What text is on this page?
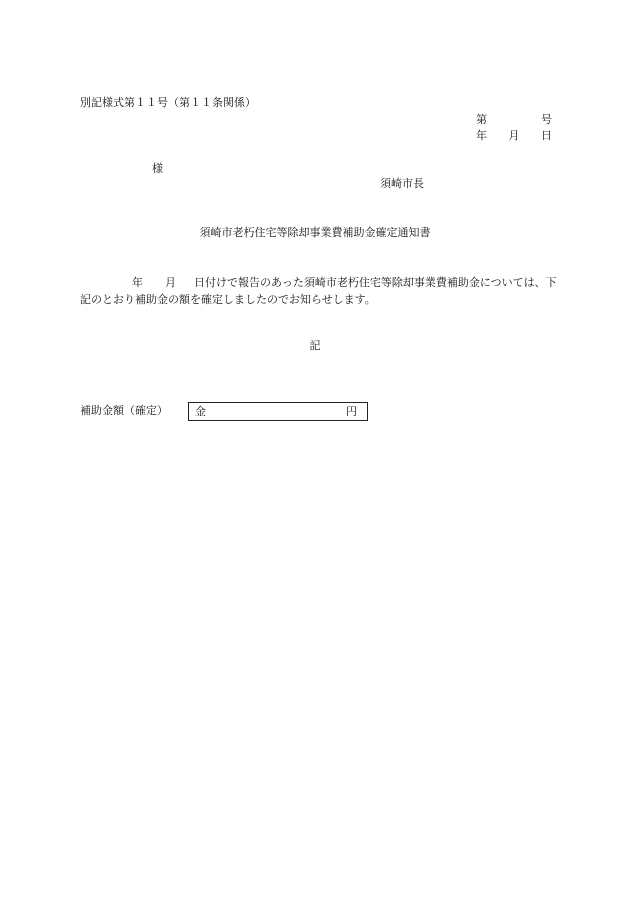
別記様式第１１号（第１１条関係）
第	号
年 月 日
様
須崎市長
須崎市老朽住宅等除却事業費補助金確定通知書
年 月 日付けで報告のあった須崎市老朽住宅等除却事業費補助金については、下
記のとおり補助金の額を確定しましたのでお知らせします。
記
補助金額（確定） 金	円
